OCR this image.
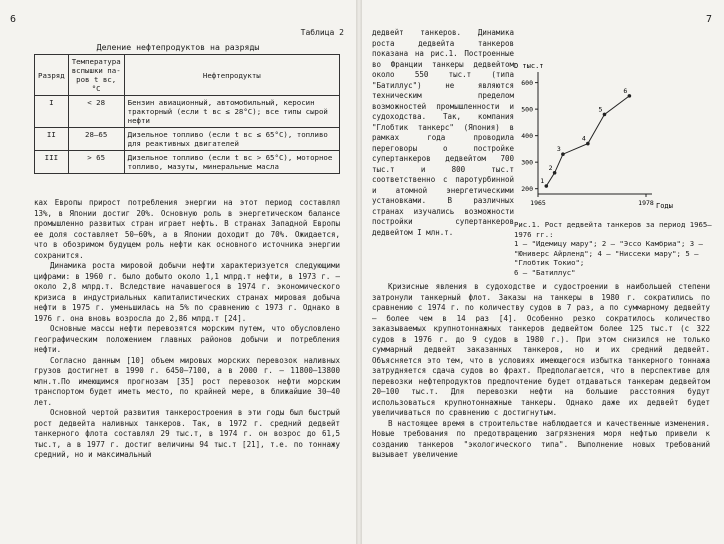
6
Таблица 2
Деление нефтепродуктов на разряды
Разряд	Температура вспышки па- ров t вс, °С	Нефтепродукты
I	< 28	Бензин авиационный, автомобильный, керосин тракторный (если t вс ≤ 28°С); все типы сырой нефти
II	28–65	Дизельное топливо (если t вс ≤ 65°С), топливо для реактивных двигателей
III	> 65	Дизельное топливо (если t вс > 65°С), моторное топливо, мазуты, минеральные масла

ках Европы прирост потребления энергии на этот период составлял 13%, в Японии достиг 20%. Основную роль в энергетическом балансе промышленно развитых стран играет нефть. В странах Западной Европы ее доля составляет 50–60%, а в Японии доходит до 70%. Ожидается, что в обозримом будущем роль нефти как основного источника энергии сохранится.

Динамика роста мировой добычи нефти характеризуется следующими цифрами: в 1960 г. было добыто около 1,1 млрд.т нефти, в 1973 г. – около 2,8 млрд.т. Вследствие начавшегося в 1974 г. экономического кризиса в индустриальных капиталистических странах мировая добыча нефти в 1975 г. уменьшилась на 5% по сравнению с 1973 г. Однако в 1976 г. она вновь возросла до 2,86 млрд.т [24].

Основные массы нефти перевозятся морским путем, что обусловлено географическим положением главных районов добычи и потребления нефти.

Согласно данным [10] объем мировых морских перевозок наливных грузов достигнет в 1990 г. 6450–7100, а в 2000 г. – 11800–13800 млн.т.По имеющимся прогнозам [35] рост перевозок нефти морским транспортом будет иметь место, по крайней мере, в ближайшие 30–40 лет.

Основной чертой развития танкеростроения в эти годы был быстрый рост дедвейта наливных танкеров. Так, в 1972 г. средний дедвейт танкерного флота составлял 29 тыс.т, в 1974 г. он возрос до 61,5 тыс.т, а в 1977 г. достиг величины 94 тыс.т [21], т.е. по тоннажу средний, но и максимальный

7

дедвейт танкеров. Динамика роста дедвейта танкеров показана на рис.1. Построенные во Франции танкеры дедвейтом около 550 тыс.т (типа "Батиллус") не являются техническим пределом возможностей промышленности и судоходства. Так, компания "Глобтик танкерс" (Япония) в рамках года проводила переговоры о постройке супертанкеров дедвейтом 700 тыс.т и 800 тыс.т соответственно с паротурбинной и атомной энергетическими установками. В различных странах изучались возможности постройки супертанкеров дедвейтом I млн.т.

Кризисные явления в судоходстве и судостроении в наибольшей степени затронули танкерный флот. Заказы на танкеры в 1980 г. сократились по сравнению с 1974 г. по количеству судов в 7 раз, а по суммарному дедвейту – более чем в 14 раз [4]. Особенно резко сократилось количество заказываемых крупнотоннажных танкеров дедвейтом более 125 тыс.т (с 322 судов в 1976 г. до 9 судов в 1980 г.). При этом снизился не только суммарный дедвейт заказанных танкеров, но и их средний дедвейт. Объясняется это тем, что в условиях имеющегося избытка танкерного тоннажа затрудняется сдача судов во фрахт. Предполагается, что в перспективе для перевозки нефтепродуктов предпочтение будет отдаваться танкерам дедвейтом 20–100 тыс.т. Для перевозки нефти на большие расстояния будут использоваться крупнотоннажные танкеры. Однако даже их дедвейт будет увеличиваться по сравнению с достигнутым.

В настоящее время в строительстве наблюдается и качественные изменения. Новые требования по предотвращению загрязнения моря нефтью привели к созданию танкеров "экологического типа". Выполнение новых требований вызывает увеличение

D тыс.т
Годы
200
300
400
500
600
1965	1978
1
2
3
4
5
6
Рис.1. Рост дедвейта танкеров за период 1965–1976 гг.:
1 – "Идемицу мару"; 2 – "Эссо Камбриа"; 3 – "Юниверс Айрленд"; 4 – "Ниссеки мару"; 5 – "Глобтик Токио";
6 – "Батиллус"
